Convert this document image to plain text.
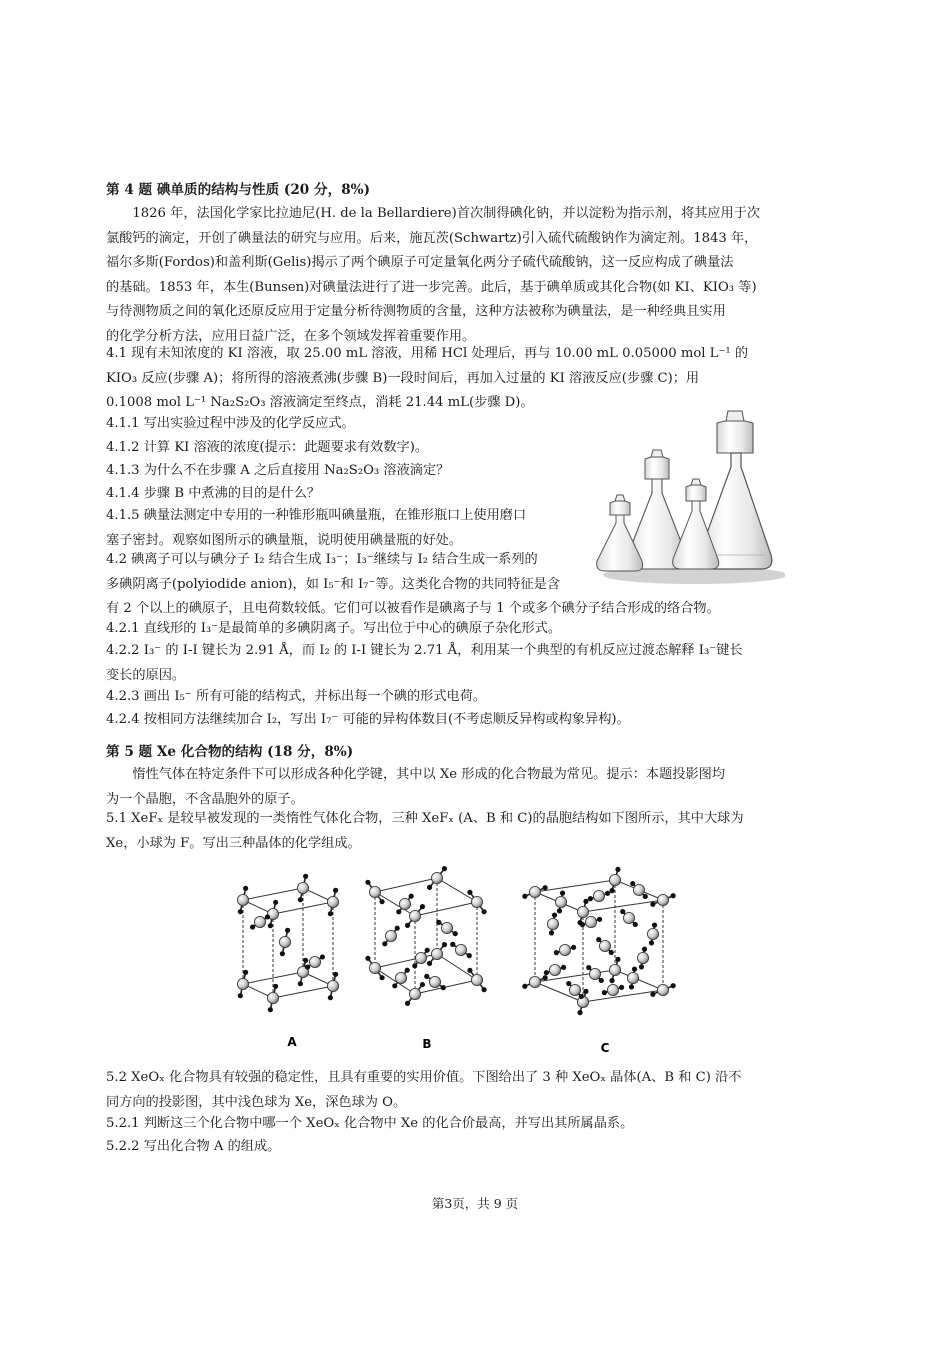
第 4 题 碘单质的结构与性质 (20 分，8%)
1826 年，法国化学家比拉迪尼(H. de la Bellardiere)首次制得碘化钠，并以淀粉为指示剂，将其应用于次
氯酸钙的滴定，开创了碘量法的研究与应用。后来，施瓦茨(Schwartz)引入硫代硫酸钠作为滴定剂。1843 年，
福尔多斯(Fordos)和盖利斯(Gelis)揭示了两个碘原子可定量氧化两分子硫代硫酸钠，这一反应构成了碘量法
的基础。1853 年，本生(Bunsen)对碘量法进行了进一步完善。此后，基于碘单质或其化合物(如 KI、KIO₃ 等)
与待测物质之间的氧化还原反应用于定量分析待测物质的含量，这种方法被称为碘量法，是一种经典且实用
的化学分析方法，应用日益广泛，在多个领域发挥着重要作用。
4.1 现有未知浓度的 KI 溶液，取 25.00 mL 溶液，用稀 HCl 处理后，再与 10.00 mL 0.05000 mol L⁻¹ 的
KIO₃ 反应(步骤 A)；将所得的溶液煮沸(步骤 B)一段时间后，再加入过量的 KI 溶液反应(步骤 C)；用
0.1008 mol L⁻¹ Na₂S₂O₃ 溶液滴定至终点，消耗 21.44 mL(步骤 D)。
4.1.1 写出实验过程中涉及的化学反应式。
4.1.2 计算 KI 溶液的浓度(提示：此题要求有效数字)。
4.1.3 为什么不在步骤 A 之后直接用 Na₂S₂O₃ 溶液滴定？
4.1.4 步骤 B 中煮沸的目的是什么？
4.1.5 碘量法测定中专用的一种锥形瓶叫碘量瓶，在锥形瓶口上使用磨口
塞子密封。观察如图所示的碘量瓶，说明使用碘量瓶的好处。
4.2 碘离子可以与碘分子 I₂ 结合生成 I₃⁻；I₃⁻继续与 I₂ 结合生成一系列的
多碘阴离子(polyiodide anion)，如 I₅⁻和 I₇⁻等。这类化合物的共同特征是含
有 2 个以上的碘原子，且电荷数较低。它们可以被看作是碘离子与 1 个或多个碘分子结合形成的络合物。
4.2.1 直线形的 I₃⁻是最简单的多碘阴离子。写出位于中心的碘原子杂化形式。
4.2.2 I₃⁻ 的 I-I 键长为 2.91 Å，而 I₂ 的 I-I 键长为 2.71 Å，利用某一个典型的有机反应过渡态解释 I₃⁻键长
变长的原因。
4.2.3 画出 I₅⁻ 所有可能的结构式，并标出每一个碘的形式电荷。
4.2.4 按相同方法继续加合 I₂，写出 I₇⁻ 可能的异构体数目(不考虑顺反异构或构象异构)。
第 5 题 Xe 化合物的结构 (18 分，8%)
惰性气体在特定条件下可以形成各种化学键，其中以 Xe 形成的化合物最为常见。提示：本题投影图均
为一个晶胞，不含晶胞外的原子。
5.1 XeFₓ 是较早被发现的一类惰性气体化合物，三种 XeFₓ (A、B 和 C)的晶胞结构如下图所示，其中大球为
Xe，小球为 F。写出三种晶体的化学组成。
A	B	C
5.2 XeOₓ 化合物具有较强的稳定性，且具有重要的实用价值。下图给出了 3 种 XeOₓ 晶体(A、B 和 C) 沿不
同方向的投影图，其中浅色球为 Xe，深色球为 O。
5.2.1 判断这三个化合物中哪一个 XeOₓ 化合物中 Xe 的化合价最高，并写出其所属晶系。
5.2.2 写出化合物 A 的组成。
第3页，共 9 页
